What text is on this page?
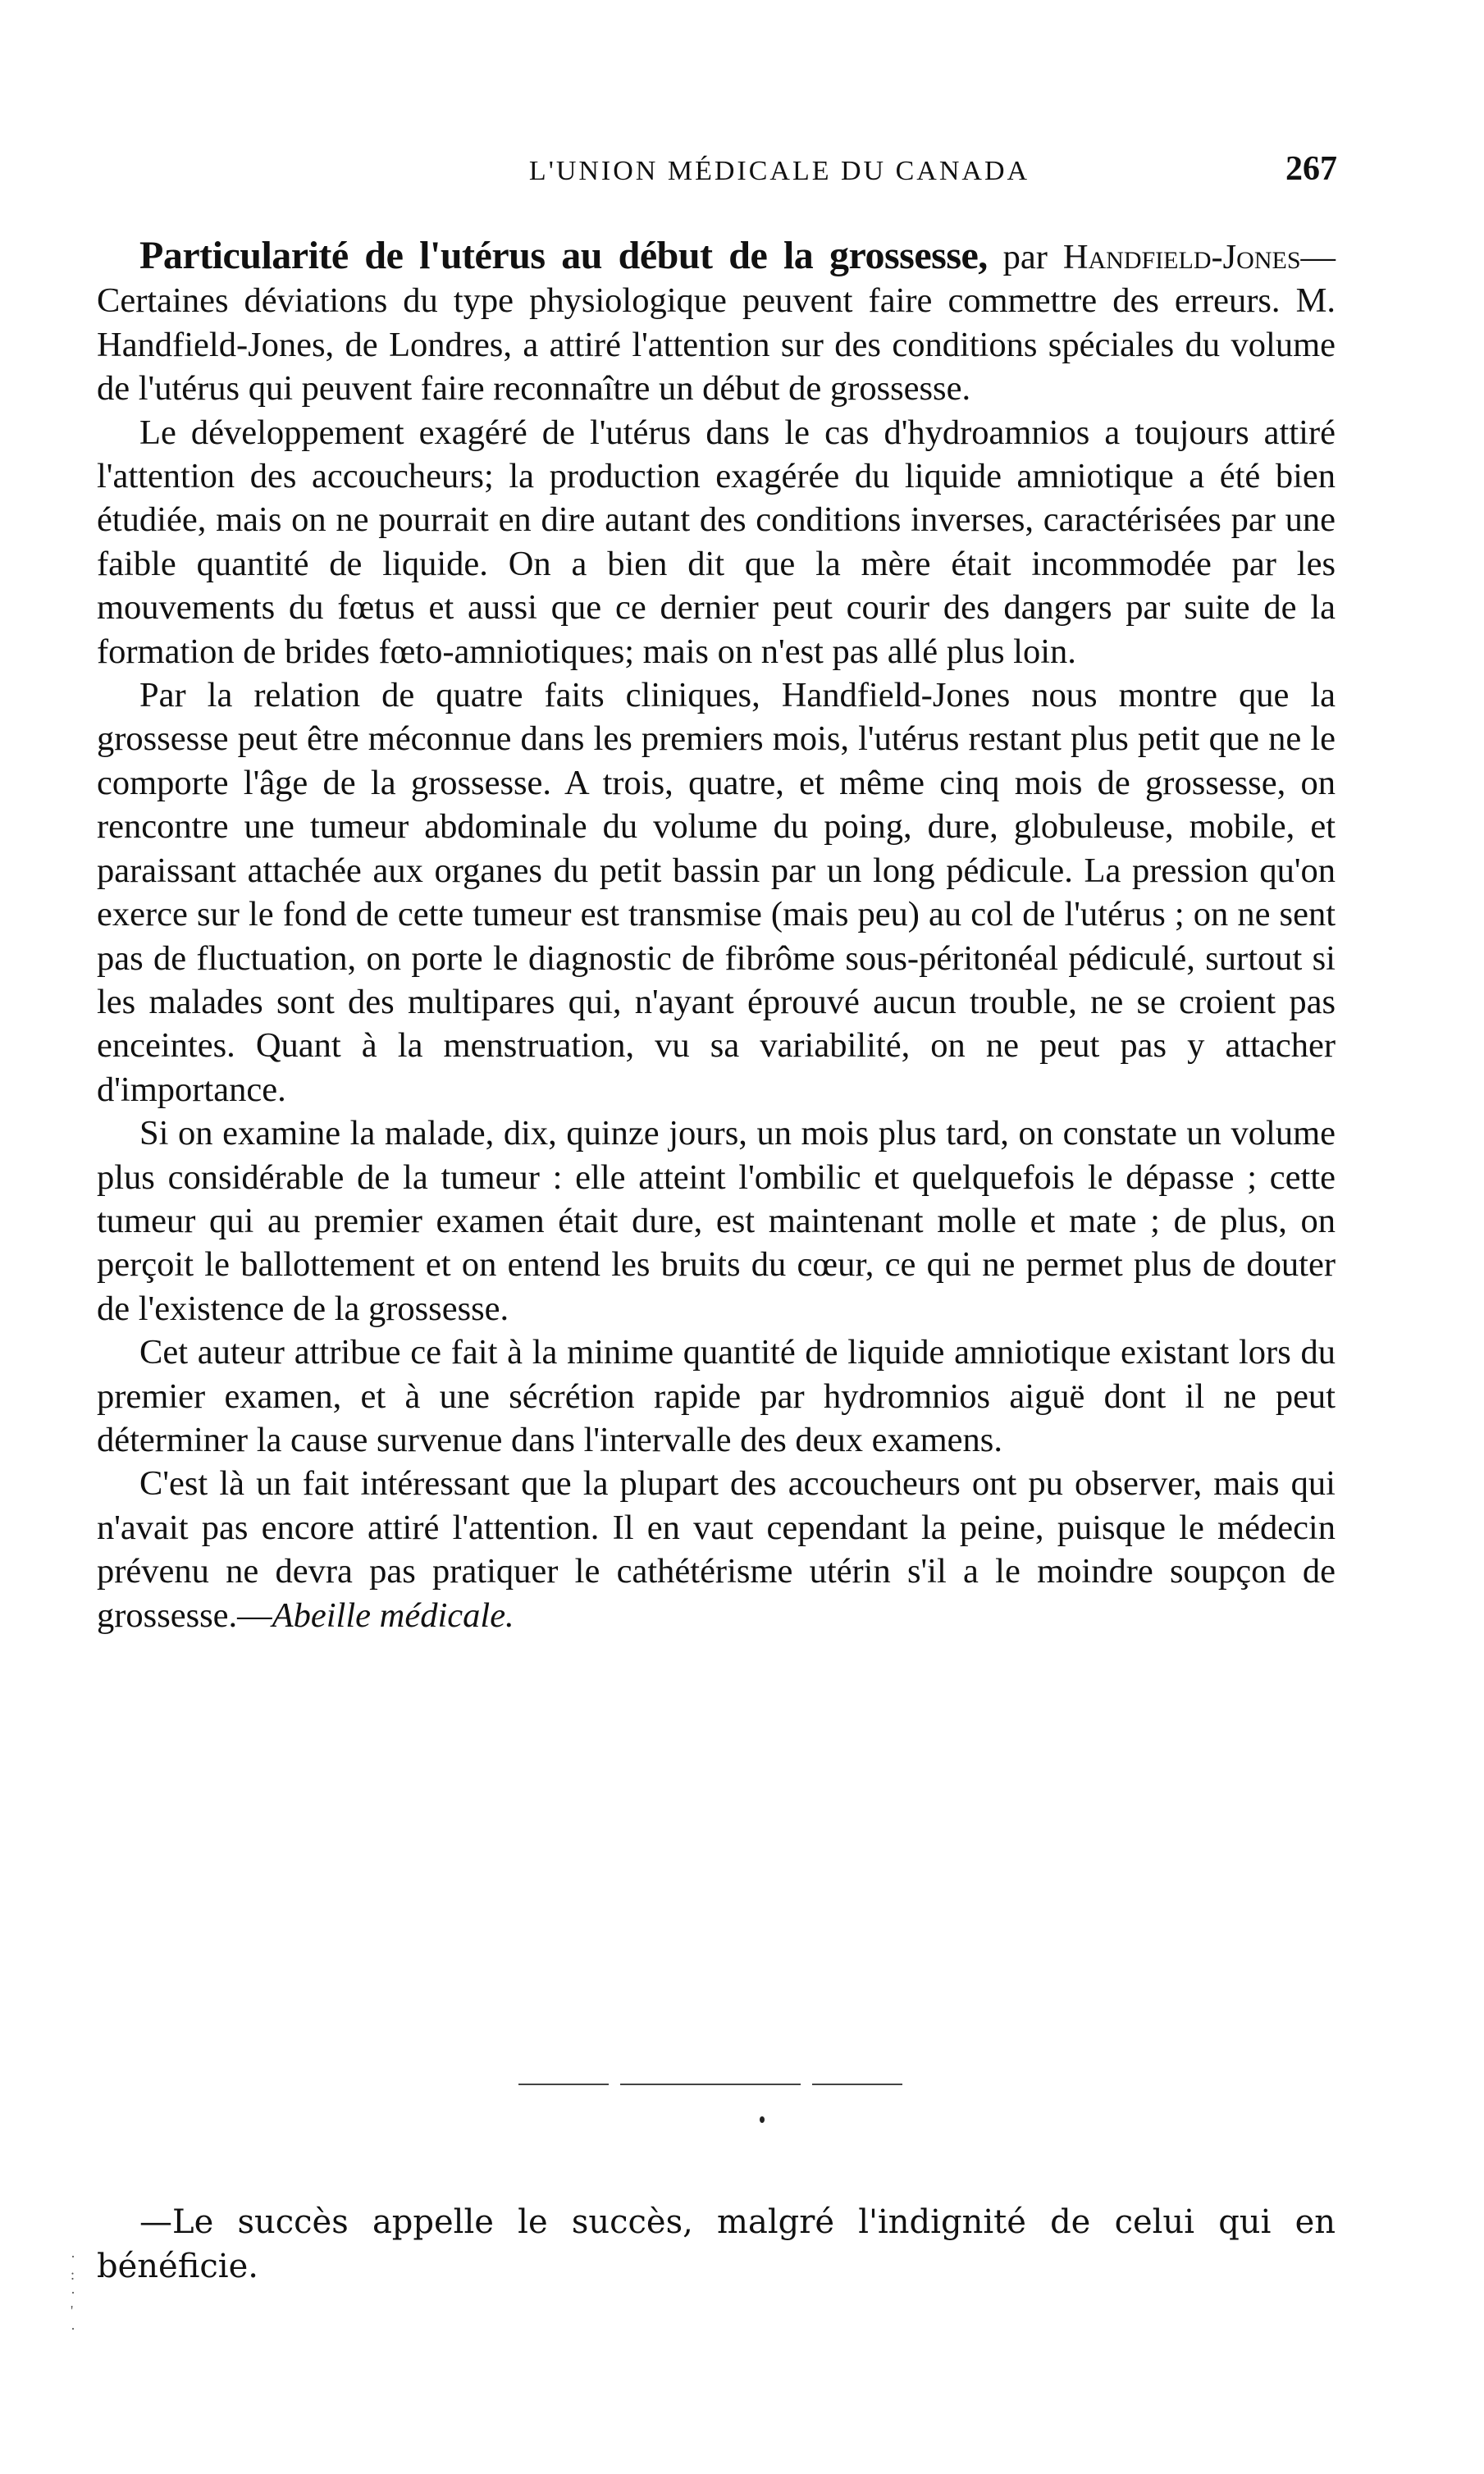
L'UNION MÉDICALE DU CANADA	267

Particularité de l'utérus au début de la grossesse, par Handfield-Jones—Certaines déviations du type physiologique peuvent faire commettre des erreurs. M. Handfield-Jones, de Londres, a attiré l'attention sur des conditions spéciales du volume de l'utérus qui peuvent faire reconnaître un début de grossesse.

Le développement exagéré de l'utérus dans le cas d'hydroamnios a toujours attiré l'attention des accoucheurs; la production exagérée du liquide amniotique a été bien étudiée, mais on ne pourrait en dire autant des conditions inverses, caractérisées par une faible quantité de liquide. On a bien dit que la mère était incommodée par les mouvements du fœtus et aussi que ce dernier peut courir des dangers par suite de la formation de brides fœto-amniotiques; mais on n'est pas allé plus loin.

Par la relation de quatre faits cliniques, Handfield-Jones nous montre que la grossesse peut être méconnue dans les premiers mois, l'utérus restant plus petit que ne le comporte l'âge de la grossesse. A trois, quatre, et même cinq mois de grossesse, on rencontre une tumeur abdominale du volume du poing, dure, globuleuse, mobile, et paraissant attachée aux organes du petit bassin par un long pédicule. La pression qu'on exerce sur le fond de cette tumeur est transmise (mais peu) au col de l'utérus ; on ne sent pas de fluctuation, on porte le diagnostic de fibrôme sous-péritonéal pédiculé, surtout si les malades sont des multipares qui, n'ayant éprouvé aucun trouble, ne se croient pas enceintes. Quant à la menstruation, vu sa variabilité, on ne peut pas y attacher d'importance.

Si on examine la malade, dix, quinze jours, un mois plus tard, on constate un volume plus considérable de la tumeur : elle atteint l'ombilic et quelquefois le dépasse ; cette tumeur qui au premier examen était dure, est maintenant molle et mate ; de plus, on perçoit le ballottement et on entend les bruits du cœur, ce qui ne permet plus de douter de l'existence de la grossesse.

Cet auteur attribue ce fait à la minime quantité de liquide amniotique existant lors du premier examen, et à une sécrétion rapide par hydromnios aiguë dont il ne peut déterminer la cause survenue dans l'intervalle des deux examens.

C'est là un fait intéressant que la plupart des accoucheurs ont pu observer, mais qui n'avait pas encore attiré l'attention. Il en vaut cependant la peine, puisque le médecin prévenu ne devra pas pratiquer le cathétérisme utérin s'il a le moindre soupçon de grossesse.—Abeille médicale.

—Le succès appelle le succès, malgré l'indignité de celui qui en bénéficie.

·
:
·
'
·
